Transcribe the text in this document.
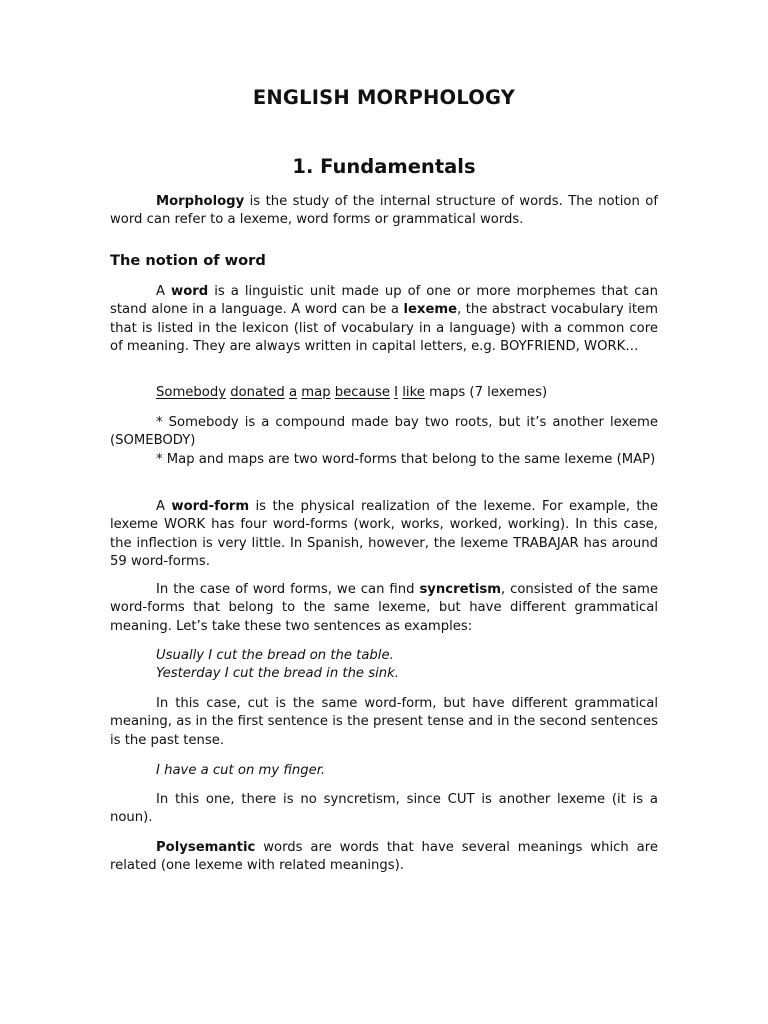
ENGLISH MORPHOLOGY
1. Fundamentals

Morphology is the study of the internal structure of words. The notion of word can refer to a lexeme, word forms or grammatical words.

The notion of word

A word is a linguistic unit made up of one or more morphemes that can stand alone in a language. A word can be a lexeme, the abstract vocabulary item that is listed in the lexicon (list of vocabulary in a language) with a common core of meaning. They are always written in capital letters, e.g. BOYFRIEND, WORK…

Somebody donated a map because I like maps (7 lexemes)

* Somebody is a compound made bay two roots, but it’s another lexeme (SOMEBODY)

* Map and maps are two word-forms that belong to the same lexeme (MAP)

A word-form is the physical realization of the lexeme. For example, the lexeme WORK has four word-forms (work, works, worked, working). In this case, the inflection is very little. In Spanish, however, the lexeme TRABAJAR has around 59 word-forms.

In the case of word forms, we can find syncretism, consisted of the same word-forms that belong to the same lexeme, but have different grammatical meaning. Let’s take these two sentences as examples:

Usually I cut the bread on the table.

Yesterday I cut the bread in the sink.

In this case, cut is the same word-form, but have different grammatical meaning, as in the first sentence is the present tense and in the second sentences is the past tense.

I have a cut on my finger.

In this one, there is no syncretism, since CUT is another lexeme (it is a noun).

Polysemantic words are words that have several meanings which are related (one lexeme with related meanings).
